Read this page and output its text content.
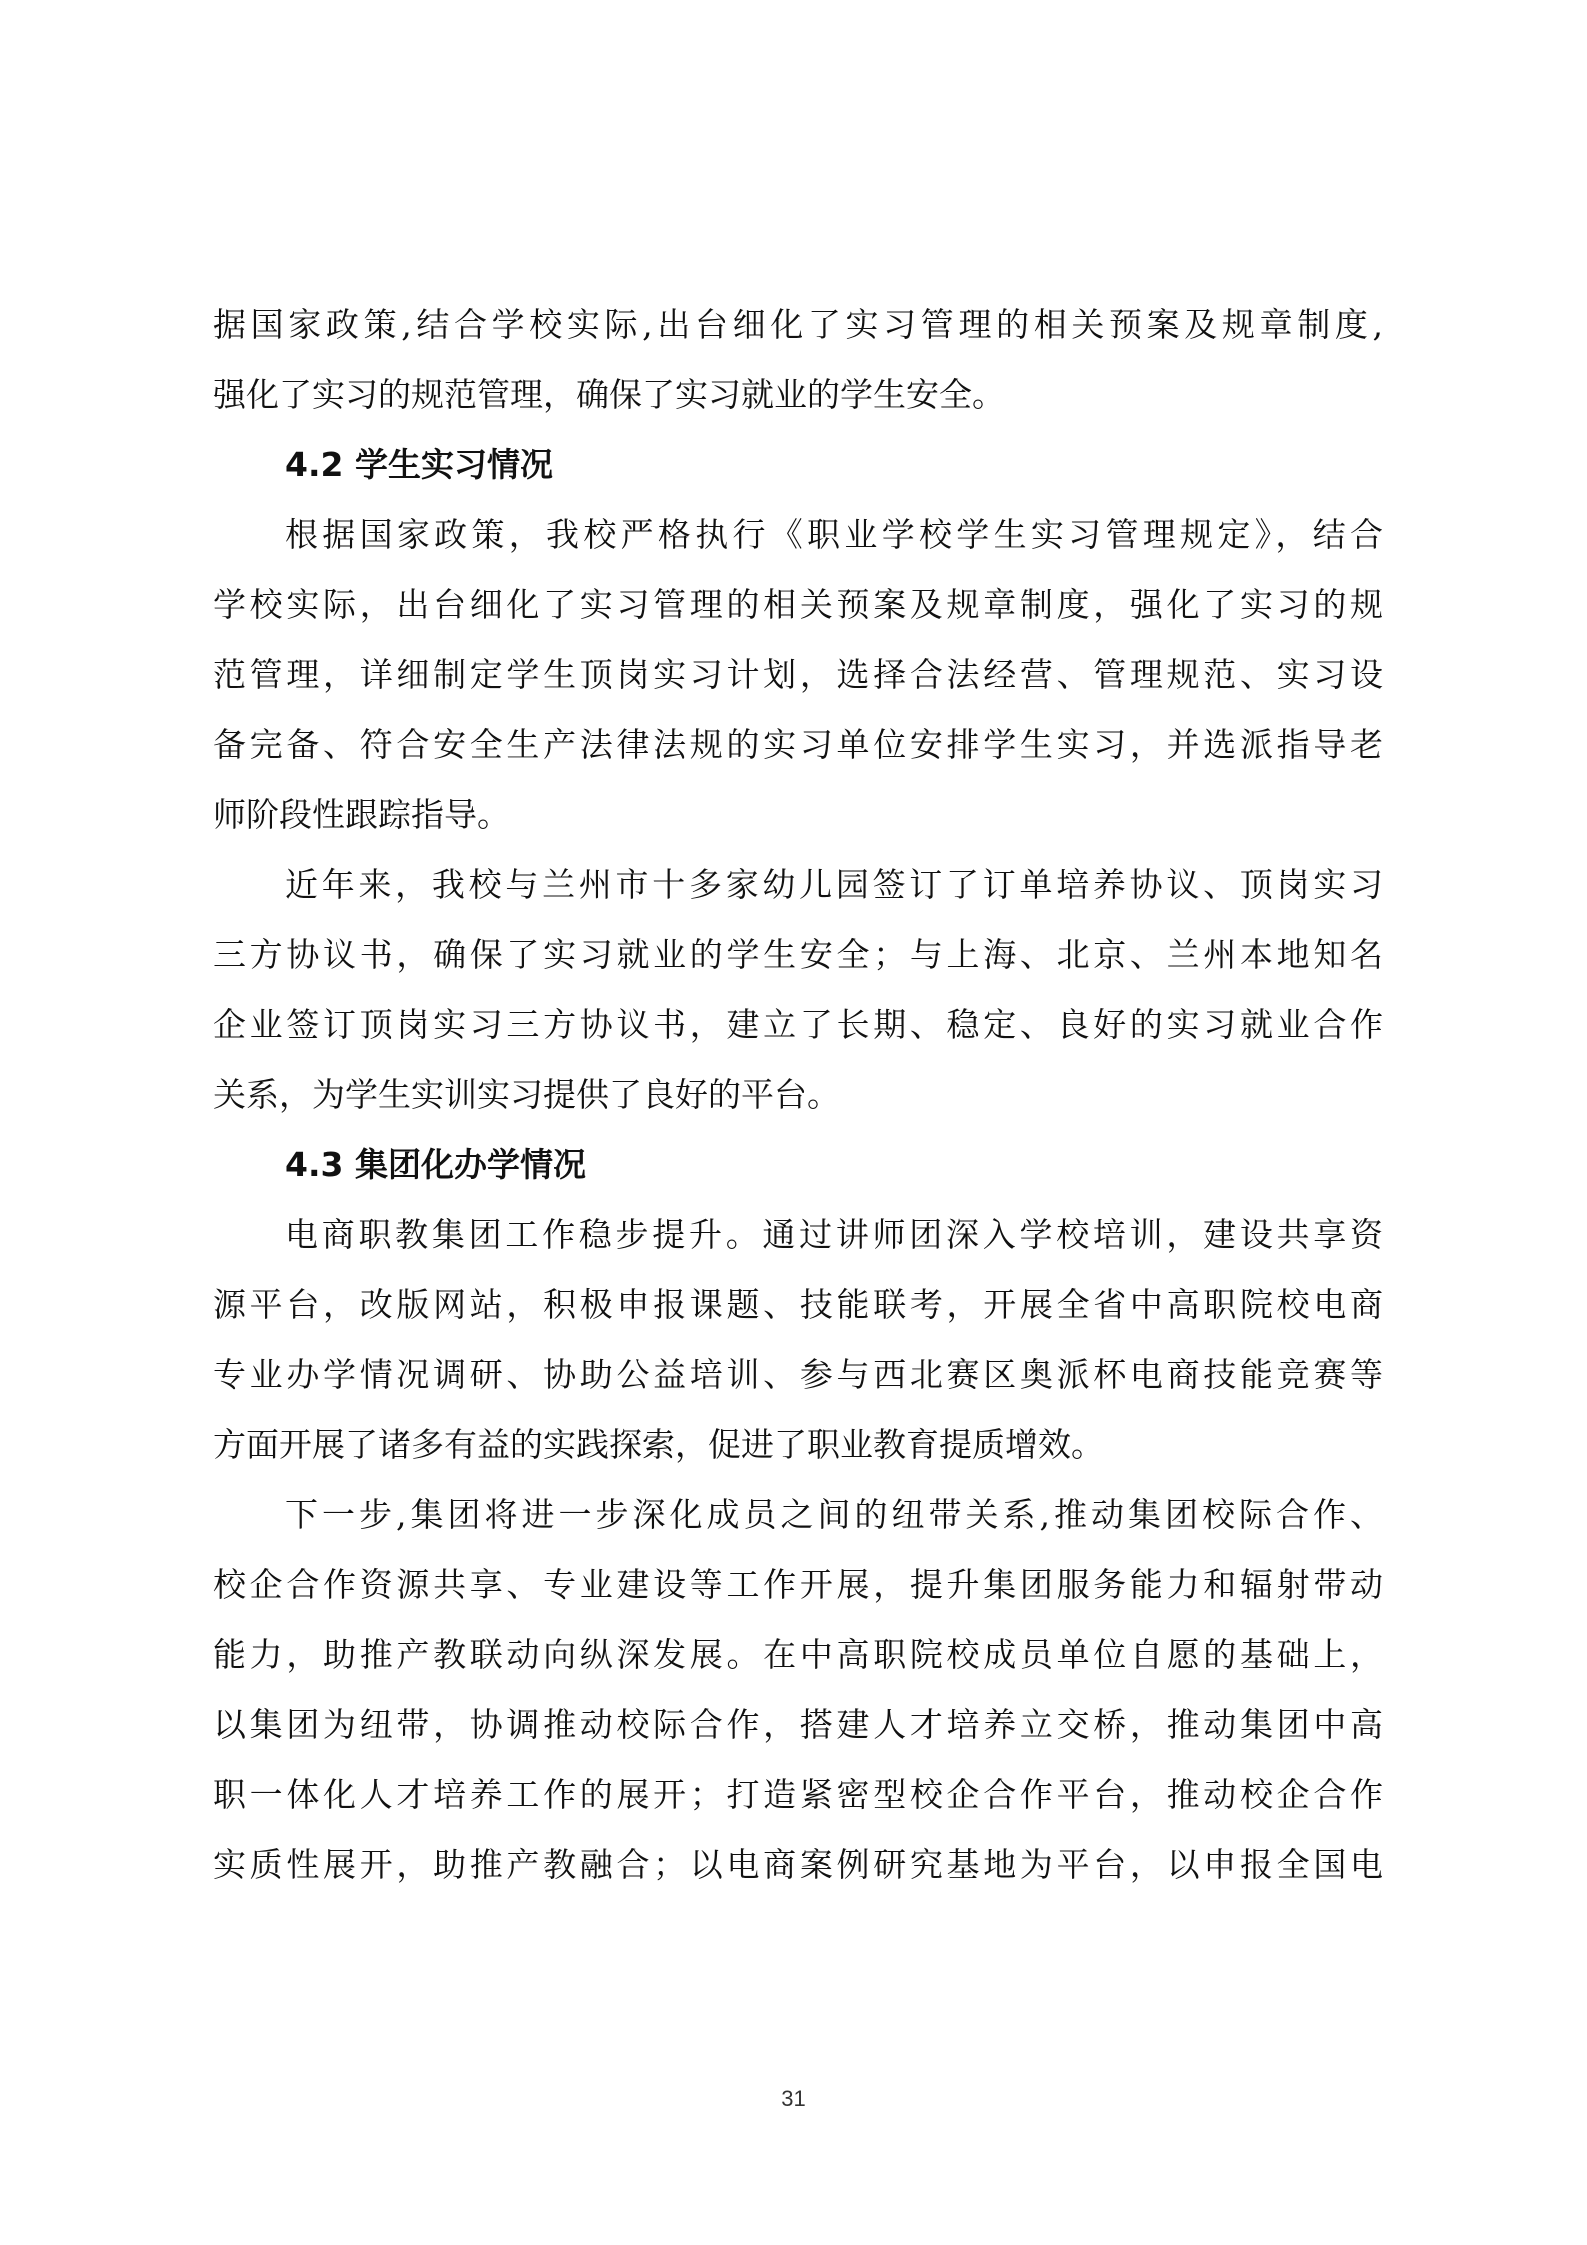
据国家政策,结合学校实际,出台细化了实习管理的相关预案及规章制度,
强化了实习的规范管理，确保了实习就业的学生安全。
4.2 学生实习情况
根据国家政策，我校严格执行《职业学校学生实习管理规定》，结合
学校实际，出台细化了实习管理的相关预案及规章制度，强化了实习的规
范管理，详细制定学生顶岗实习计划，选择合法经营、管理规范、实习设
备完备、符合安全生产法律法规的实习单位安排学生实习，并选派指导老
师阶段性跟踪指导。
近年来，我校与兰州市十多家幼儿园签订了订单培养协议、顶岗实习
三方协议书，确保了实习就业的学生安全；与上海、北京、兰州本地知名
企业签订顶岗实习三方协议书，建立了长期、稳定、良好的实习就业合作
关系，为学生实训实习提供了良好的平台。
4.3 集团化办学情况
电商职教集团工作稳步提升。通过讲师团深入学校培训，建设共享资
源平台，改版网站，积极申报课题、技能联考，开展全省中高职院校电商
专业办学情况调研、协助公益培训、参与西北赛区奥派杯电商技能竞赛等
方面开展了诸多有益的实践探索，促进了职业教育提质增效。
下一步,集团将进一步深化成员之间的纽带关系,推动集团校际合作、
校企合作资源共享、专业建设等工作开展，提升集团服务能力和辐射带动
能力，助推产教联动向纵深发展。在中高职院校成员单位自愿的基础上，
以集团为纽带，协调推动校际合作，搭建人才培养立交桥，推动集团中高
职一体化人才培养工作的展开；打造紧密型校企合作平台，推动校企合作
实质性展开，助推产教融合；以电商案例研究基地为平台，以申报全国电
31
